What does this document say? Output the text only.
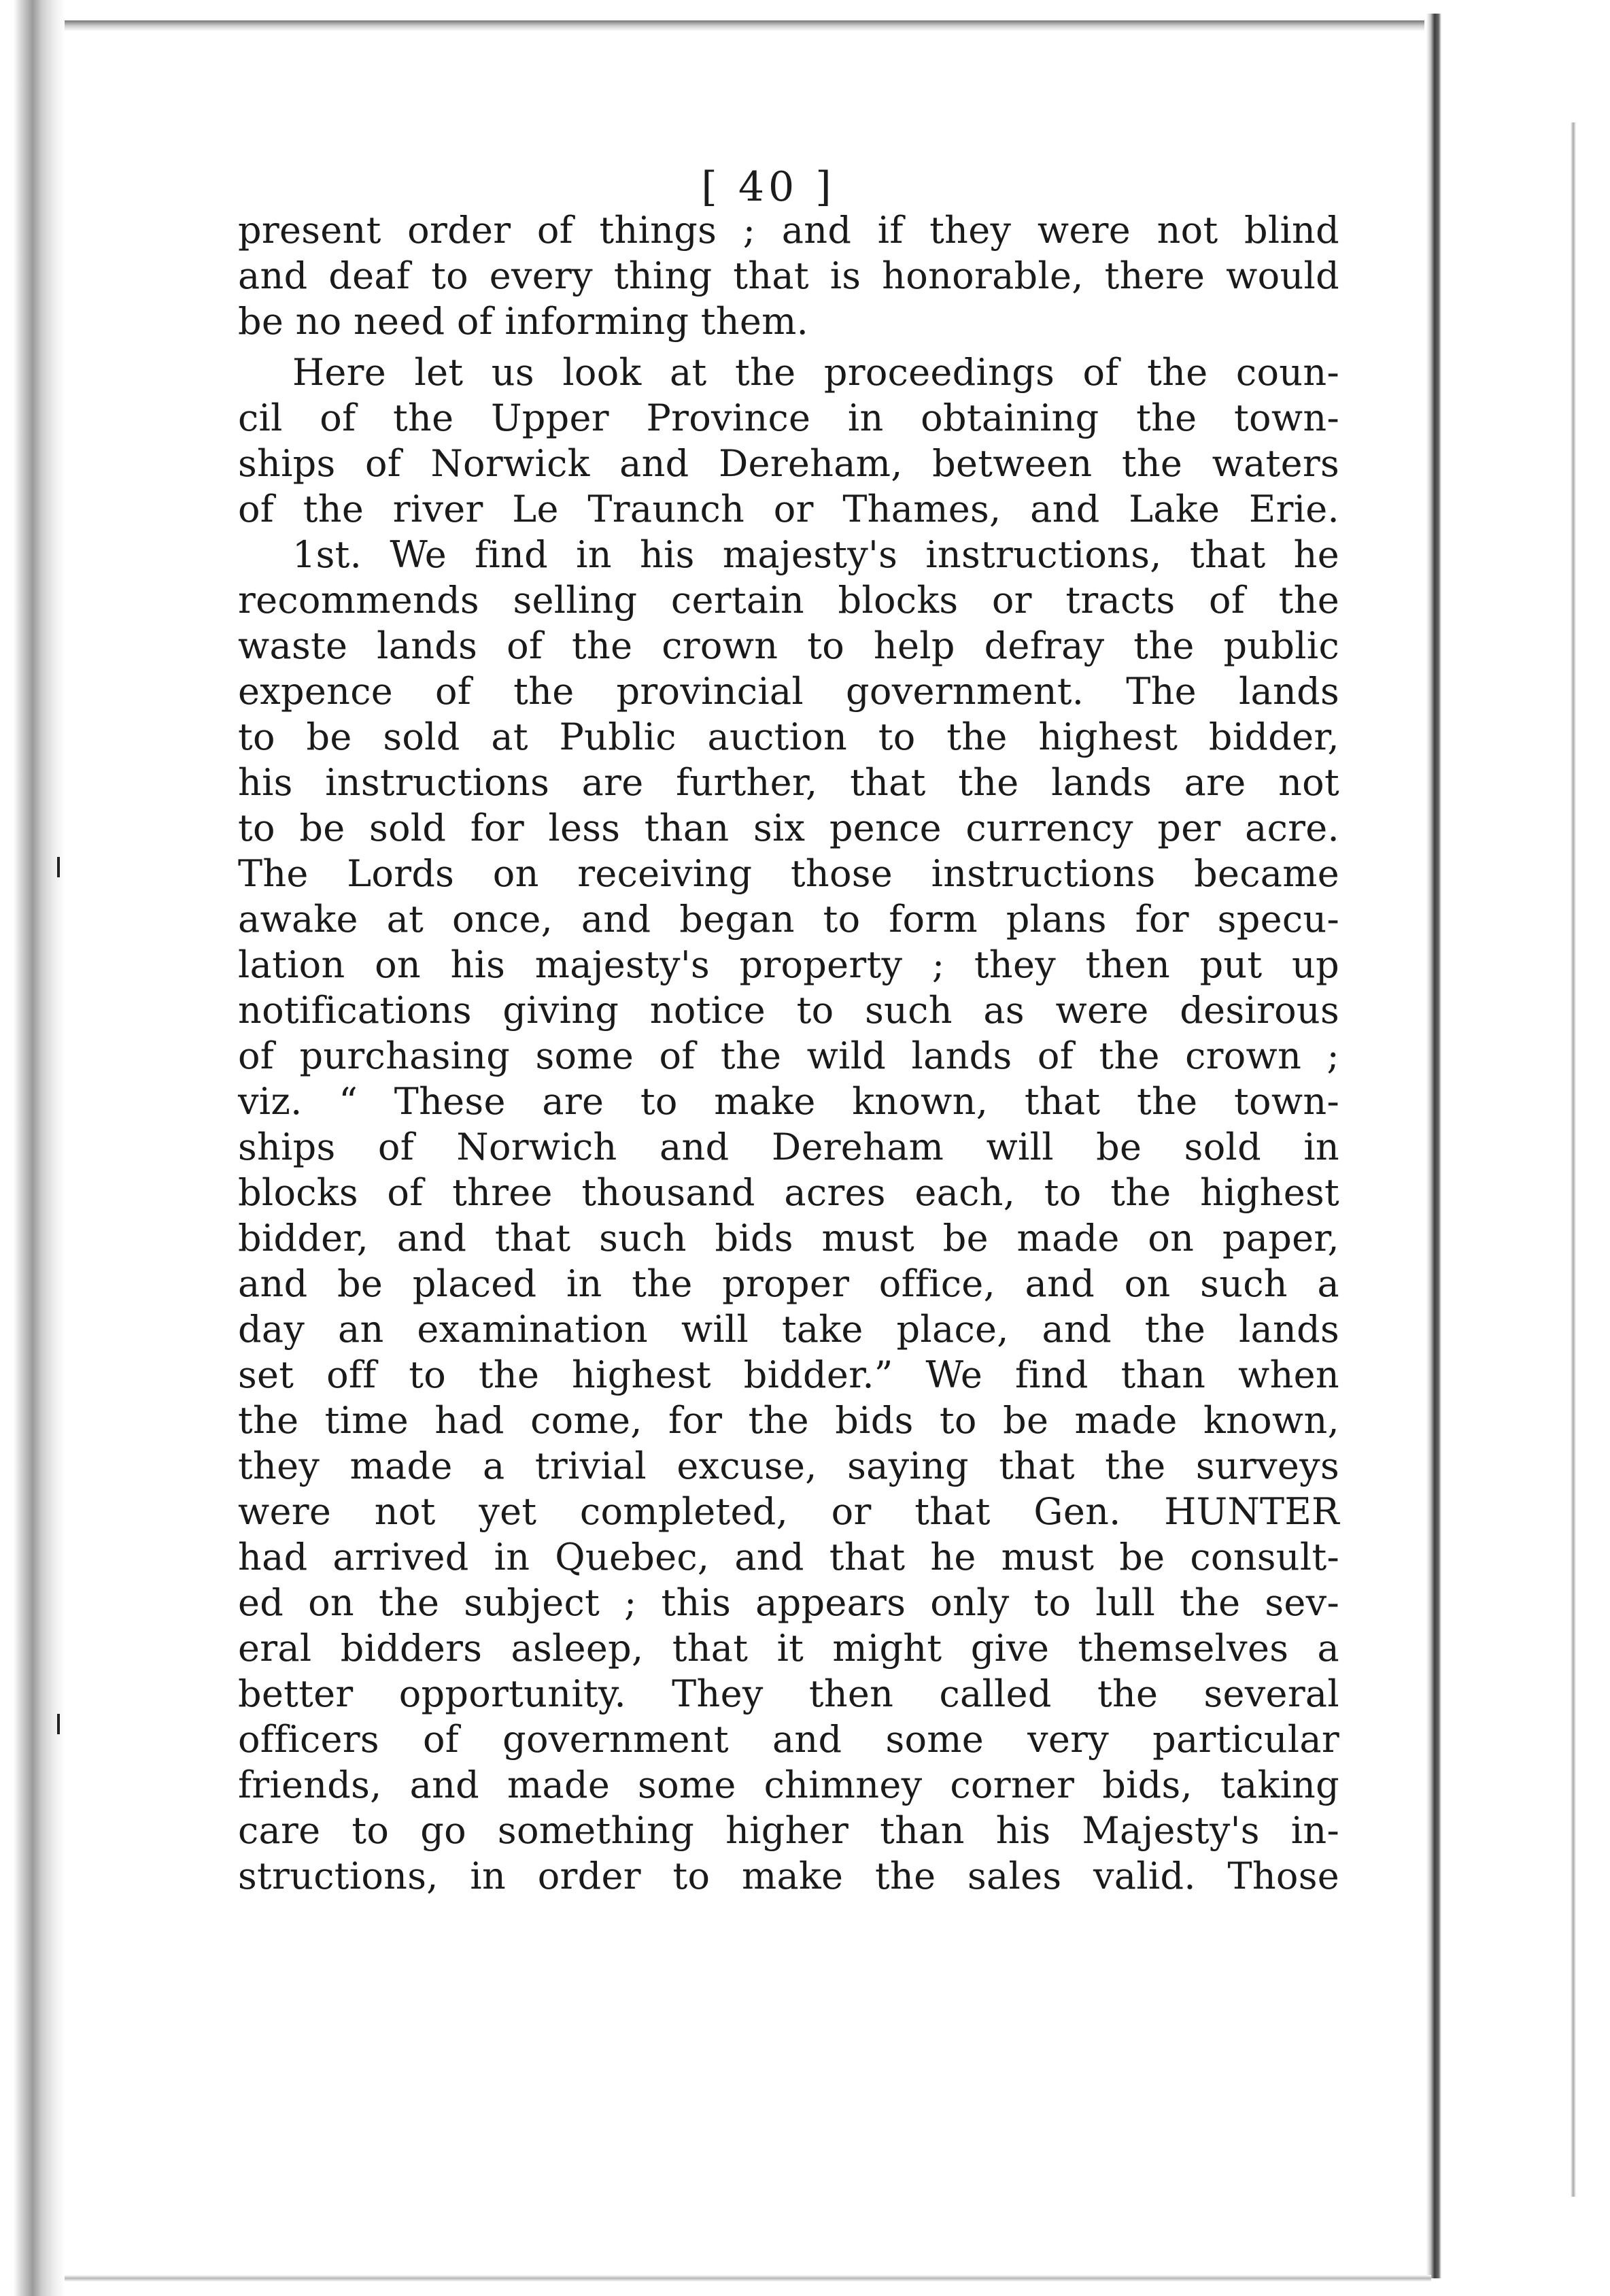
[ 40 ]
present order of things ; and if they were not blind
and deaf to every thing that is honorable, there would
be no need of informing them.
Here let us look at the proceedings of the coun-
cil of the Upper Province in obtaining the town-
ships of Norwick and Dereham, between the waters
of the river Le Traunch or Thames, and Lake Erie.
1st. We find in his majesty's instructions, that he
recommends selling certain blocks or tracts of the
waste lands of the crown to help defray the public
expence of the provincial government. The lands
to be sold at Public auction to the highest bidder,
his instructions are further, that the lands are not
to be sold for less than six pence currency per acre.
The Lords on receiving those instructions became
awake at once, and began to form plans for specu-
lation on his majesty's property ; they then put up
notifications giving notice to such as were desirous
of purchasing some of the wild lands of the crown ;
viz. “ These are to make known, that the town-
ships of Norwich and Dereham will be sold in
blocks of three thousand acres each, to the highest
bidder, and that such bids must be made on paper,
and be placed in the proper office, and on such a
day an examination will take place, and the lands
set off to the highest bidder.” We find than when
the time had come, for the bids to be made known,
they made a trivial excuse, saying that the surveys
were not yet completed, or that Gen. HUNTER
had arrived in Quebec, and that he must be consult-
ed on the subject ; this appears only to lull the sev-
eral bidders asleep, that it might give themselves a
better opportunity. They then called the several
officers of government and some very particular
friends, and made some chimney corner bids, taking
care to go something higher than his Majesty's in-
structions, in order to make the sales valid. Those
